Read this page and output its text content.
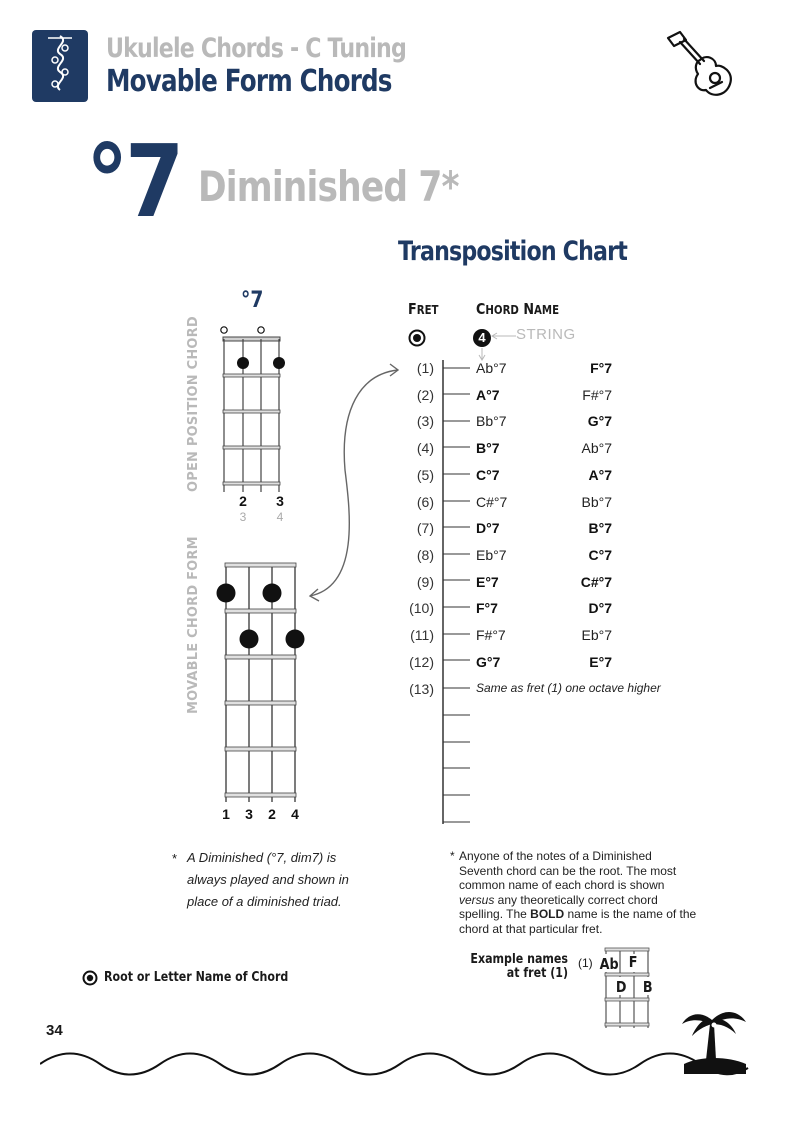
Ukulele Chords - C Tuning
Movable Form Chords
°7 Diminished 7*
Transposition Chart
FRET	CHORD NAME
4	STRING
(1)	Ab°7	F°7
(2)	A°7	F#°7
(3)	Bb°7	G°7
(4)	B°7	Ab°7
(5)	C°7	A°7
(6)	C#°7	Bb°7
(7)	D°7	B°7
(8)	Eb°7	C°7
(9)	E°7	C#°7
(10)	F°7	D°7
(11)	F#°7	Eb°7
(12)	G°7	E°7
(13)	Same as fret (1) one octave higher
°7
OPEN POSITION CHORD
2 3
3	4
MOVABLE CHORD FORM
1 3 2 4
* A Diminished (°7, dim7) is
always played and shown in
place of a diminished triad.
* Anyone of the notes of a Diminished
Seventh chord can be the root. The most
common name of each chord is shown
versus any theoretically correct chord
spelling. The BOLD name is the name of the
chord at that particular fret.
Root or Letter Name of Chord
Example names
at fret (1)
(1) Ab F
D B
34
